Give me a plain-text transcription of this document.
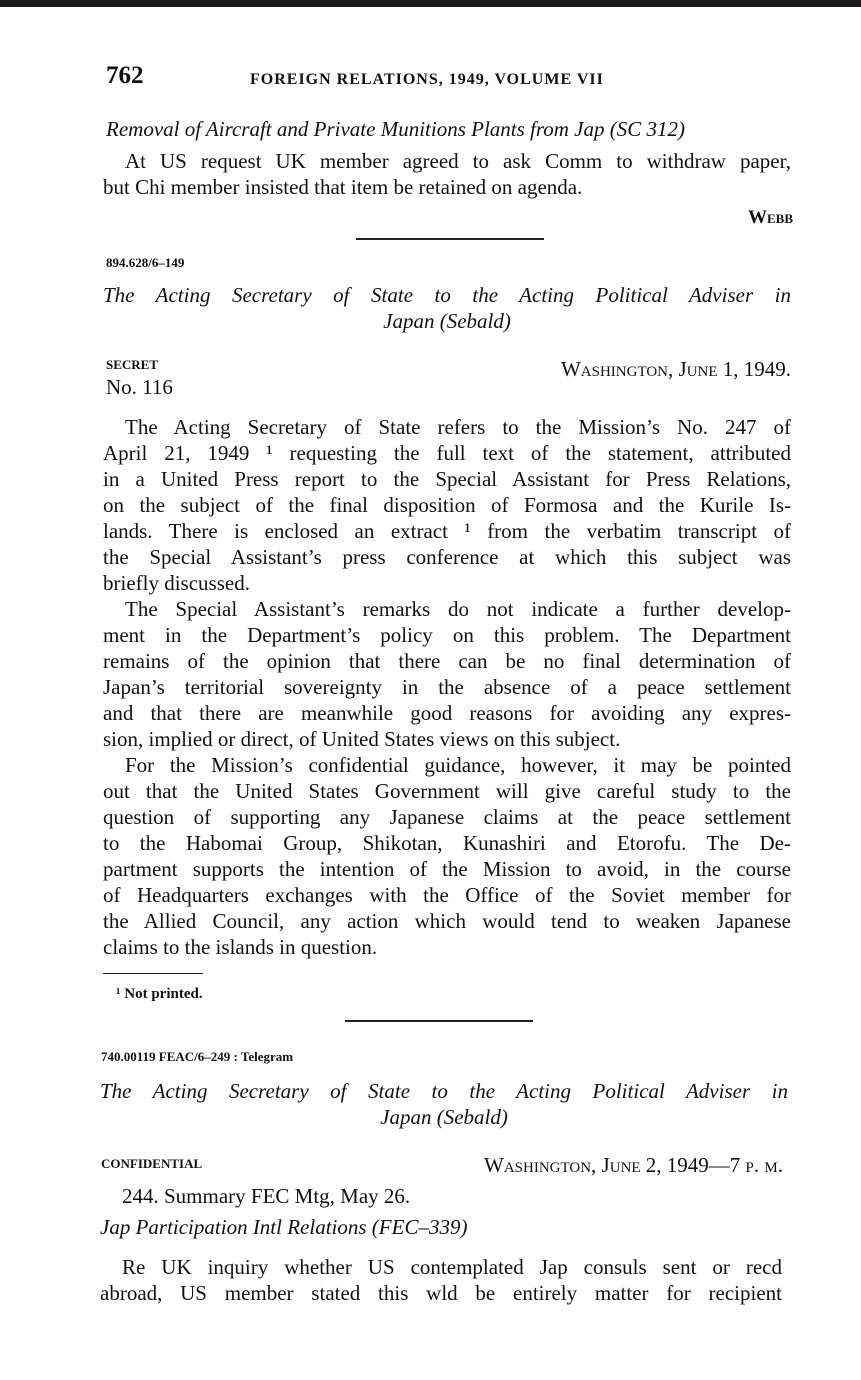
762	FOREIGN RELATIONS, 1949, VOLUME VII
Removal of Aircraft and Private Munitions Plants from Jap (SC 312)
At US request UK member agreed to ask Comm to withdraw paper,
but Chi member insisted that item be retained on agenda.
Webb
894.628/6–149
The Acting Secretary of State to the Acting Political Adviser in
Japan (Sebald)
SECRET
No. 116
Washington, June 1, 1949.
The Acting Secretary of State refers to the Mission’s No. 247 of
April 21, 1949 ¹ requesting the full text of the statement, attributed
in a United Press report to the Special Assistant for Press Relations,
on the subject of the final disposition of Formosa and the Kurile Is-
lands. There is enclosed an extract ¹ from the verbatim transcript of
the Special Assistant’s press conference at which this subject was
briefly discussed.
The Special Assistant’s remarks do not indicate a further develop-
ment in the Department’s policy on this problem. The Department
remains of the opinion that there can be no final determination of
Japan’s territorial sovereignty in the absence of a peace settlement
and that there are meanwhile good reasons for avoiding any expres-
sion, implied or direct, of United States views on this subject.
For the Mission’s confidential guidance, however, it may be pointed
out that the United States Government will give careful study to the
question of supporting any Japanese claims at the peace settlement
to the Habomai Group, Shikotan, Kunashiri and Etorofu. The De-
partment supports the intention of the Mission to avoid, in the course
of Headquarters exchanges with the Office of the Soviet member for
the Allied Council, any action which would tend to weaken Japanese
claims to the islands in question.
¹ Not printed.
740.00119 FEAC/6–249 : Telegram
The Acting Secretary of State to the Acting Political Adviser in
Japan (Sebald)
CONFIDENTIAL	Washington, June 2, 1949—7 p. m.
244. Summary FEC Mtg, May 26.
Jap Participation Intl Relations (FEC–339)
Re UK inquiry whether US contemplated Jap consuls sent or recd
abroad, US member stated this wld be entirely matter for recipient
